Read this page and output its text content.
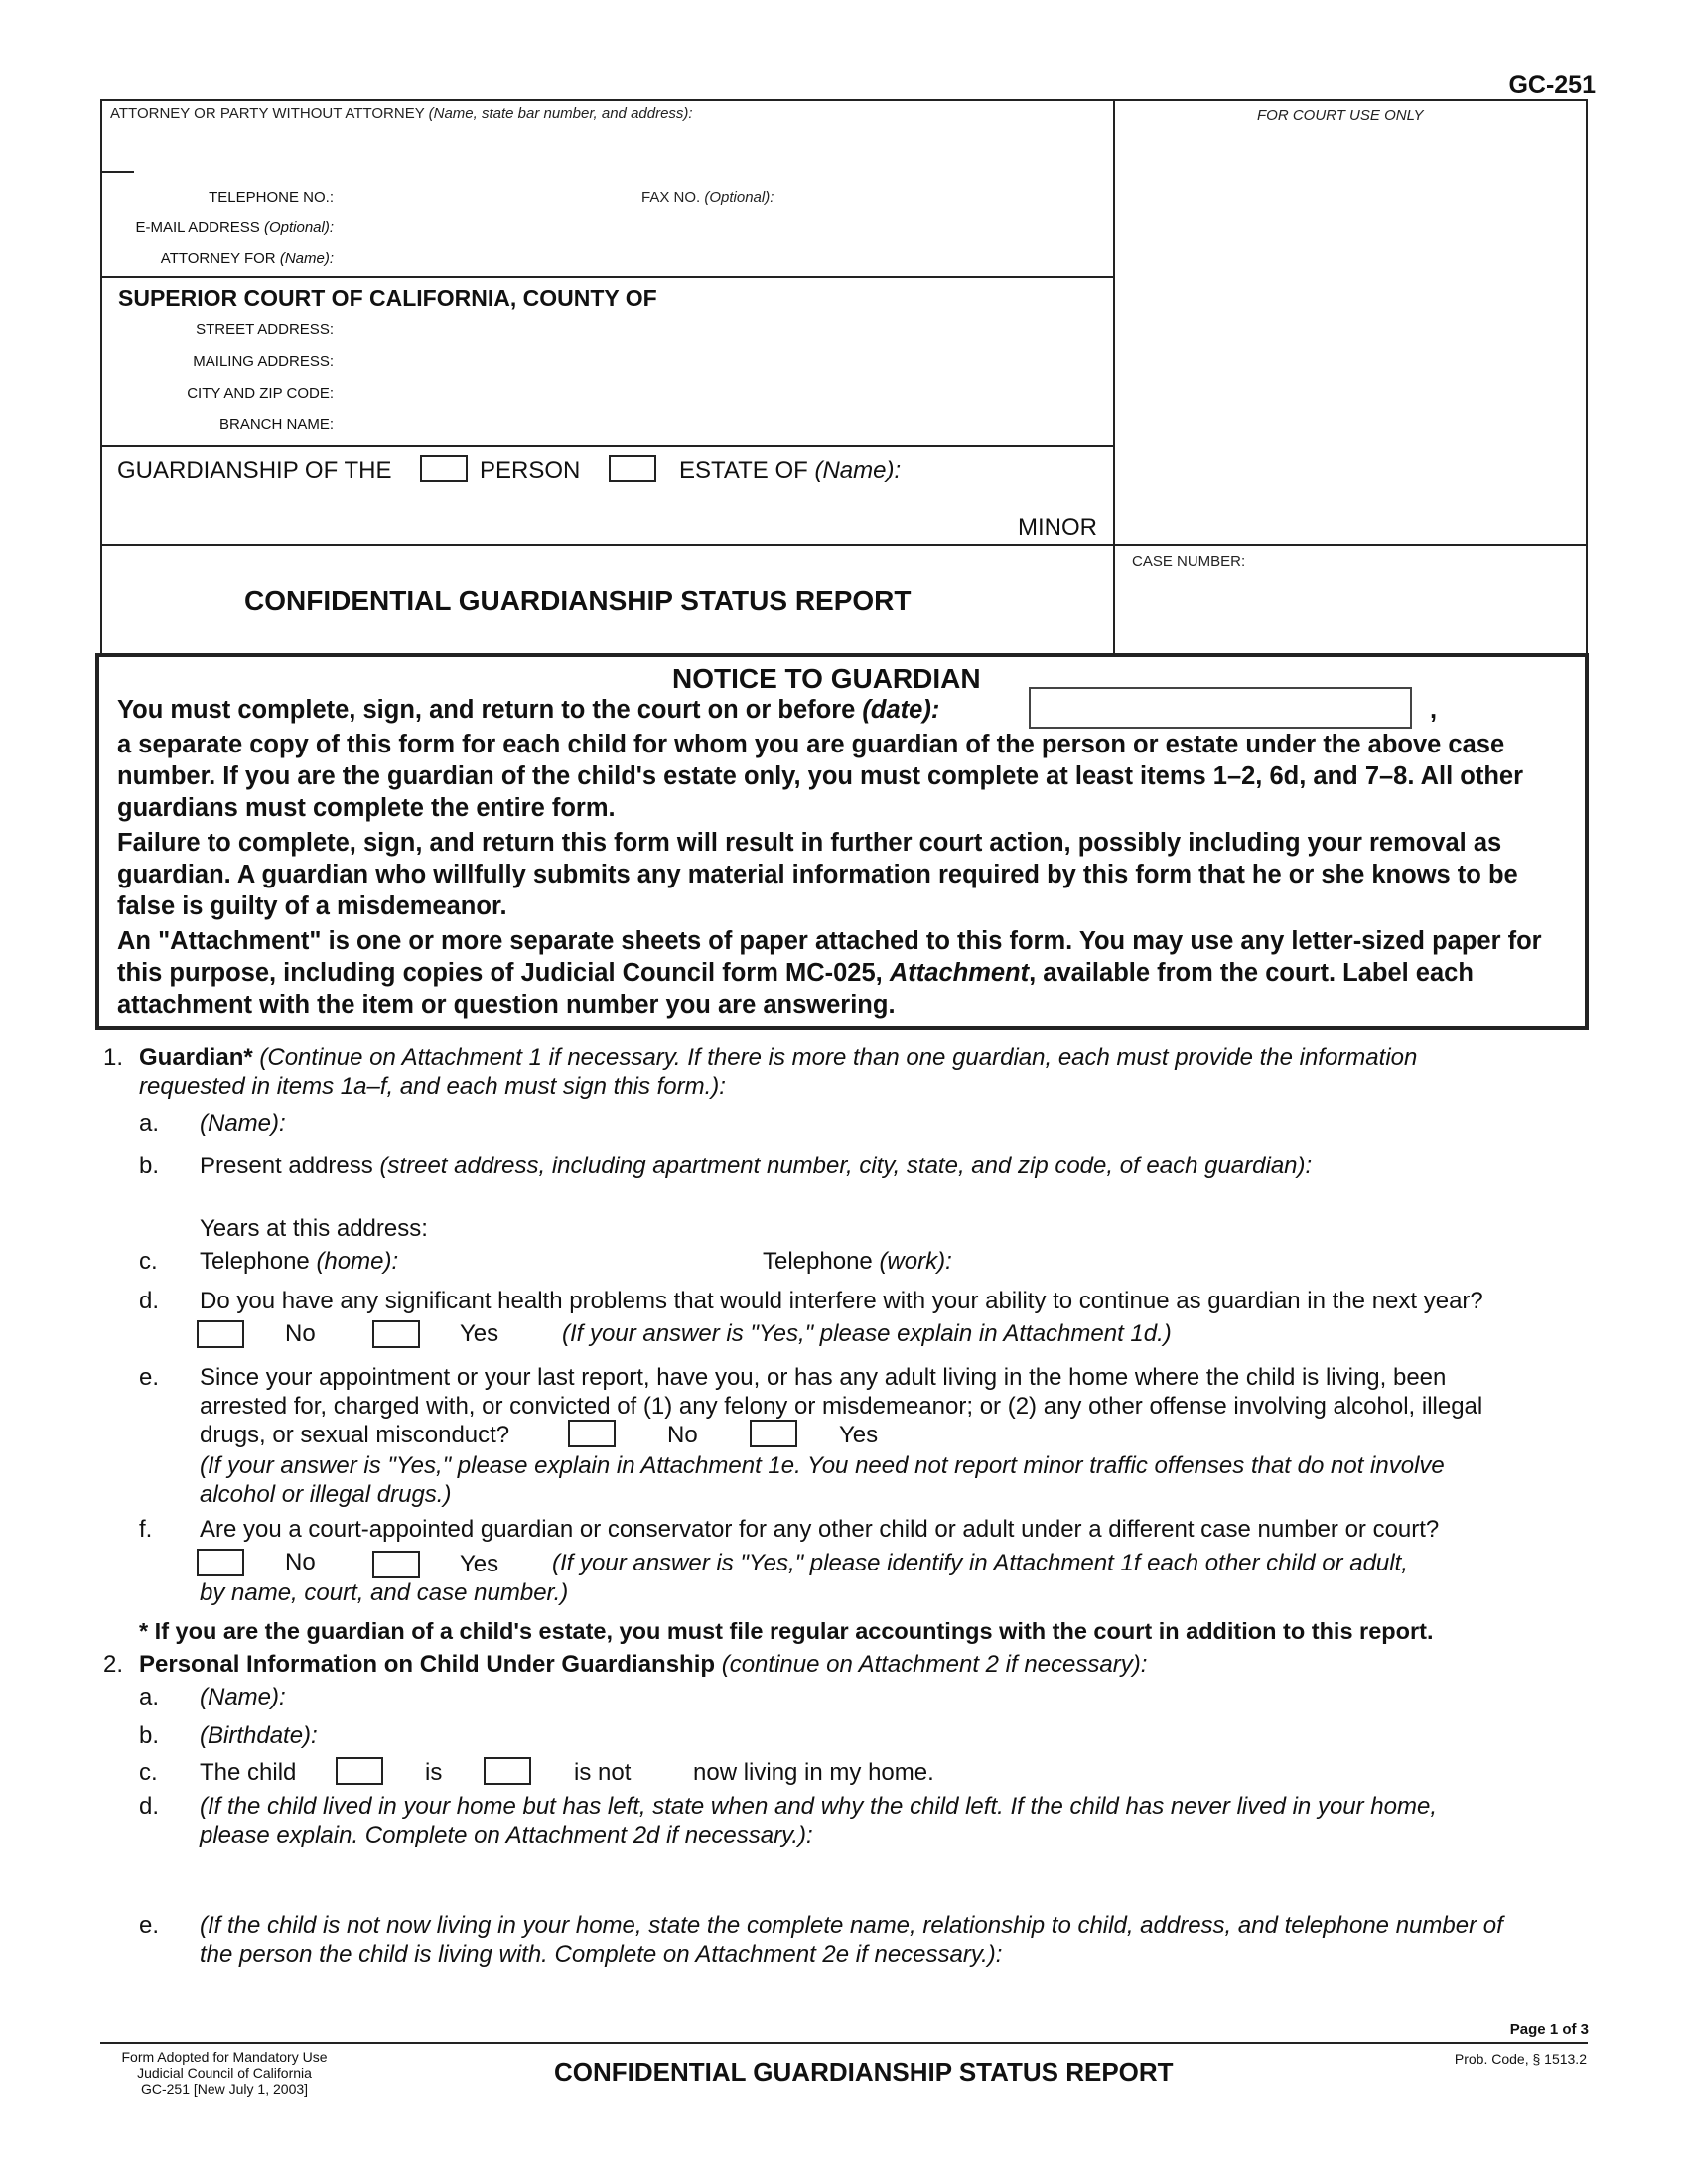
GC-251
ATTORNEY OR PARTY WITHOUT ATTORNEY (Name, state bar number, and address):	FOR COURT USE ONLY
TELEPHONE NO.:	FAX NO. (Optional):
E-MAIL ADDRESS (Optional):
ATTORNEY FOR (Name):
SUPERIOR COURT OF CALIFORNIA, COUNTY OF
STREET ADDRESS:
MAILING ADDRESS:
CITY AND ZIP CODE:
BRANCH NAME:
GUARDIANSHIP OF THE	PERSON	ESTATE OF (Name):
MINOR
CASE NUMBER:
CONFIDENTIAL GUARDIANSHIP STATUS REPORT
NOTICE TO GUARDIAN
You must complete, sign, and return to the court on or before (date):	,

a separate copy of this form for each child for whom you are guardian of the person or estate under the above case number. If you are the guardian of the child's estate only, you must complete at least items 1–2, 6d, and 7–8. All other guardians must complete the entire form.

Failure to complete, sign, and return this form will result in further court action, possibly including your removal as guardian. A guardian who willfully submits any material information required by this form that he or she knows to be false is guilty of a misdemeanor.

An "Attachment" is one or more separate sheets of paper attached to this form. You may use any letter-sized paper for this purpose, including copies of Judicial Council form MC-025, Attachment, available from the court. Label each attachment with the item or question number you are answering.

1. Guardian* (Continue on Attachment 1 if necessary. If there is more than one guardian, each must provide the information
requested in items 1a–f, and each must sign this form.):
a. (Name):
b. Present address (street address, including apartment number, city, state, and zip code, of each guardian):
Years at this address:
c. Telephone (home):	Telephone (work):
d. Do you have any significant health problems that would interfere with your ability to continue as guardian in the next year?
No	Yes	(If your answer is "Yes," please explain in Attachment 1d.)
e. Since your appointment or your last report, have you, or has any adult living in the home where the child is living, been
arrested for, charged with, or convicted of (1) any felony or misdemeanor; or (2) any other offense involving alcohol, illegal
drugs, or sexual misconduct?	No	Yes
(If your answer is "Yes," please explain in Attachment 1e. You need not report minor traffic offenses that do not involve
alcohol or illegal drugs.)
f. Are you a court-appointed guardian or conservator for any other child or adult under a different case number or court?
No	Yes (If your answer is "Yes," please identify in Attachment 1f each other child or adult,
by name, court, and case number.)
* If you are the guardian of a child's estate, you must file regular accountings with the court in addition to this report.
2. Personal Information on Child Under Guardianship (continue on Attachment 2 if necessary):
a. (Name):
b. (Birthdate):
c. The child	is	is not	now living in my home.
d. (If the child lived in your home but has left, state when and why the child left. If the child has never lived in your home,
please explain. Complete on Attachment 2d if necessary.):
e. (If the child is not now living in your home, state the complete name, relationship to child, address, and telephone number of
the person the child is living with. Complete on Attachment 2e if necessary.):
Page 1 of 3
Form Adopted for Mandatory Use
Judicial Council of California
GC-251 [New July 1, 2003]
CONFIDENTIAL GUARDIANSHIP STATUS REPORT	Prob. Code, § 1513.2
